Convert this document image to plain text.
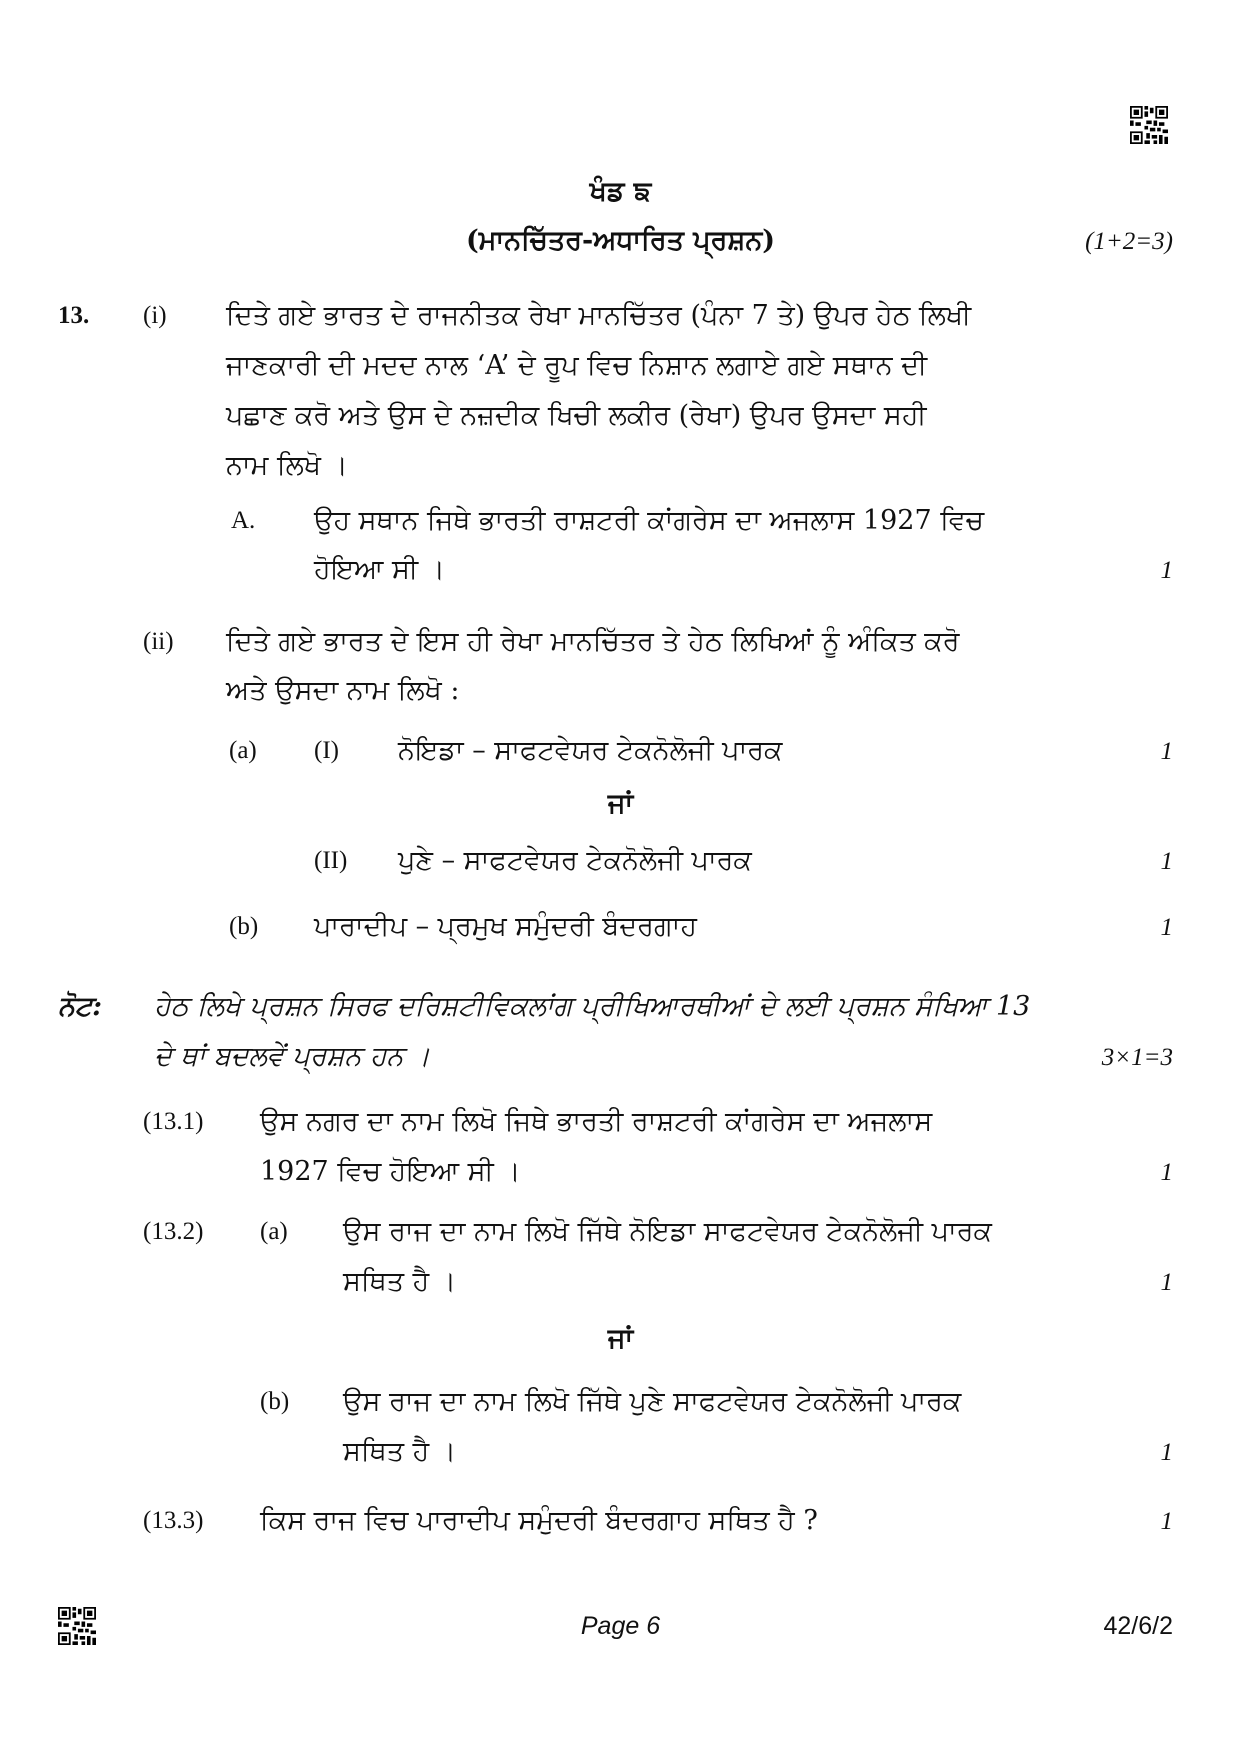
ਖੰਡ ਙ
(ਮਾਨਚਿੱਤਰ-ਅਧਾਰਿਤ ਪ੍ਰਸ਼ਨ)	(1+2=3)
13. (i) ਦਿਤੇ ਗਏ ਭਾਰਤ ਦੇ ਰਾਜਨੀਤਕ ਰੇਖਾ ਮਾਨਚਿੱਤਰ (ਪੰਨਾ 7 ਤੇ) ਉਪਰ ਹੇਠ ਲਿਖੀ
ਜਾਣਕਾਰੀ ਦੀ ਮਦਦ ਨਾਲ ‘A’ ਦੇ ਰੂਪ ਵਿਚ ਨਿਸ਼ਾਨ ਲਗਾਏ ਗਏ ਸਥਾਨ ਦੀ
ਪਛਾਣ ਕਰੋ ਅਤੇ ਉਸ ਦੇ ਨਜ਼ਦੀਕ ਖਿਚੀ ਲਕੀਰ (ਰੇਖਾ) ਉਪਰ ਉਸਦਾ ਸਹੀ
ਨਾਮ ਲਿਖੋ ।
A. ਉਹ ਸਥਾਨ ਜਿਥੇ ਭਾਰਤੀ ਰਾਸ਼ਟਰੀ ਕਾਂਗਰੇਸ ਦਾ ਅਜਲਾਸ 1927 ਵਿਚ
ਹੋਇਆ ਸੀ ।	1
(ii) ਦਿਤੇ ਗਏ ਭਾਰਤ ਦੇ ਇਸ ਹੀ ਰੇਖਾ ਮਾਨਚਿੱਤਰ ਤੇ ਹੇਠ ਲਿਖਿਆਂ ਨੂੰ ਅੰਕਿਤ ਕਰੋ
ਅਤੇ ਉਸਦਾ ਨਾਮ ਲਿਖੋ :
(a) (I) ਨੋਇਡਾ – ਸਾਫਟਵੇਯਰ ਟੇਕਨੋਲੋਜੀ ਪਾਰਕ	1
ਜਾਂ
(II) ਪੁਣੇ – ਸਾਫਟਵੇਯਰ ਟੇਕਨੋਲੋਜੀ ਪਾਰਕ	1
(b) ਪਾਰਾਦੀਪ – ਪ੍ਰਮੁਖ ਸਮੁੰਦਰੀ ਬੰਦਰਗਾਹ	1
ਨੋਟ: ਹੇਠ ਲਿਖੇ ਪ੍ਰਸ਼ਨ ਸਿਰਫ ਦਰਿਸ਼ਟੀਵਿਕਲਾਂਗ ਪ੍ਰੀਖਿਆਰਥੀਆਂ ਦੇ ਲਈ ਪ੍ਰਸ਼ਨ ਸੰਖਿਆ 13
ਦੇ ਥਾਂ ਬਦਲਵੇਂ ਪ੍ਰਸ਼ਨ ਹਨ ।	3×1=3
(13.1) ਉਸ ਨਗਰ ਦਾ ਨਾਮ ਲਿਖੋ ਜਿਥੇ ਭਾਰਤੀ ਰਾਸ਼ਟਰੀ ਕਾਂਗਰੇਸ ਦਾ ਅਜਲਾਸ
1927 ਵਿਚ ਹੋਇਆ ਸੀ ।	1
(13.2) (a) ਉਸ ਰਾਜ ਦਾ ਨਾਮ ਲਿਖੋ ਜਿੱਥੇ ਨੋਇਡਾ ਸਾਫਟਵੇਯਰ ਟੇਕਨੋਲੋਜੀ ਪਾਰਕ
ਸਥਿਤ ਹੈ ।	1
ਜਾਂ
(b) ਉਸ ਰਾਜ ਦਾ ਨਾਮ ਲਿਖੋ ਜਿੱਥੇ ਪੁਣੇ ਸਾਫਟਵੇਯਰ ਟੇਕਨੋਲੋਜੀ ਪਾਰਕ
ਸਥਿਤ ਹੈ ।	1
(13.3) ਕਿਸ ਰਾਜ ਵਿਚ ਪਾਰਾਦੀਪ ਸਮੁੰਦਰੀ ਬੰਦਰਗਾਹ ਸਥਿਤ ਹੈ ?	1
Page 6	42/6/2
